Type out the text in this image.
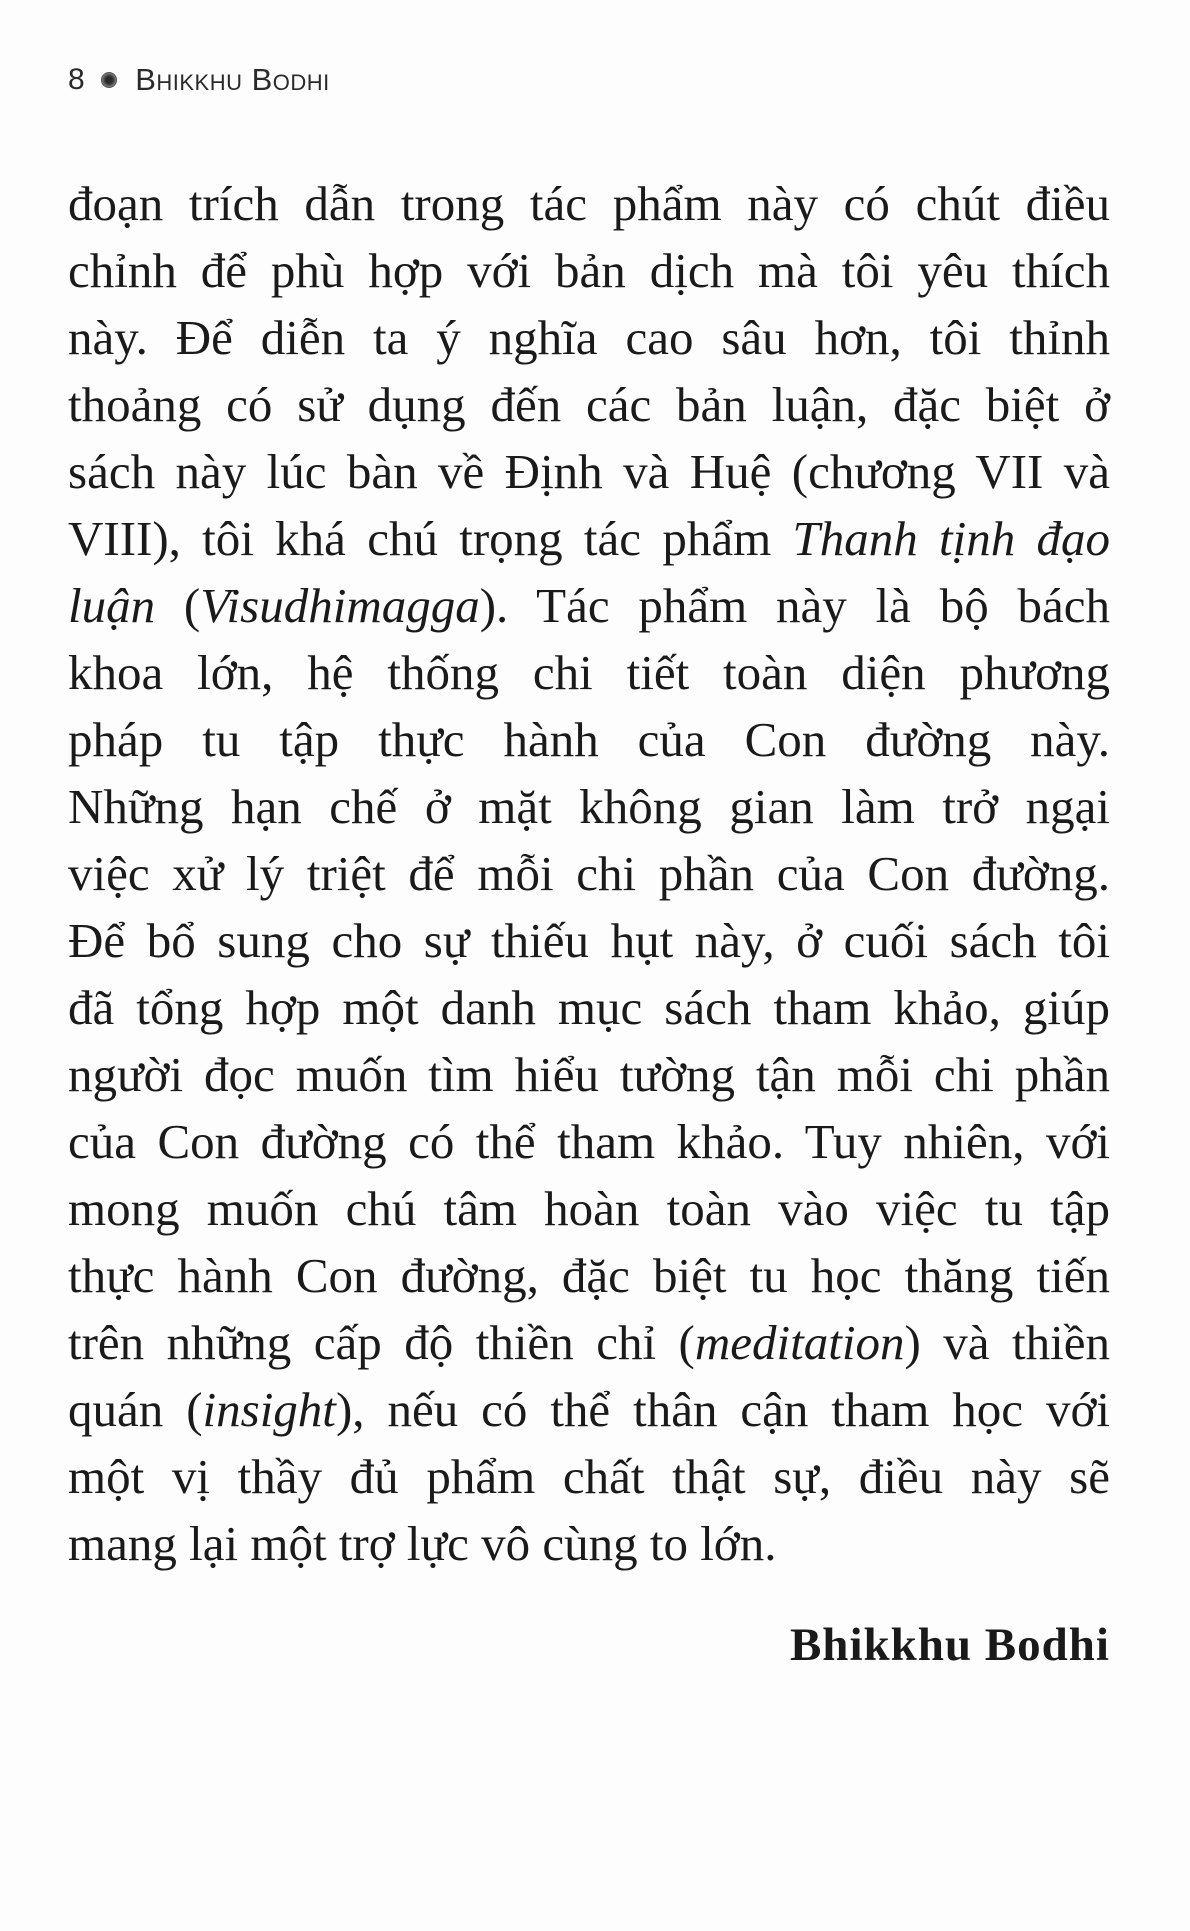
8 Bhikkhu Bodhi
đoạn trích dẫn trong tác phẩm này có chút điều
chỉnh để phù hợp với bản dịch mà tôi yêu thích
này. Để diễn ta ý nghĩa cao sâu hơn, tôi thỉnh
thoảng có sử dụng đến các bản luận, đặc biệt ở
sách này lúc bàn về Định và Huệ (chương VII và
VIII), tôi khá chú trọng tác phẩm Thanh tịnh đạo
luận (Visudhimagga). Tác phẩm này là bộ bách
khoa lớn, hệ thống chi tiết toàn diện phương
pháp tu tập thực hành của Con đường này.
Những hạn chế ở mặt không gian làm trở ngại
việc xử lý triệt để mỗi chi phần của Con đường.
Để bổ sung cho sự thiếu hụt này, ở cuối sách tôi
đã tổng hợp một danh mục sách tham khảo, giúp
người đọc muốn tìm hiểu tường tận mỗi chi phần
của Con đường có thể tham khảo. Tuy nhiên, với
mong muốn chú tâm hoàn toàn vào việc tu tập
thực hành Con đường, đặc biệt tu học thăng tiến
trên những cấp độ thiền chỉ (meditation) và thiền
quán (insight), nếu có thể thân cận tham học với
một vị thầy đủ phẩm chất thật sự, điều này sẽ
mang lại một trợ lực vô cùng to lớn.
Bhikkhu Bodhi
